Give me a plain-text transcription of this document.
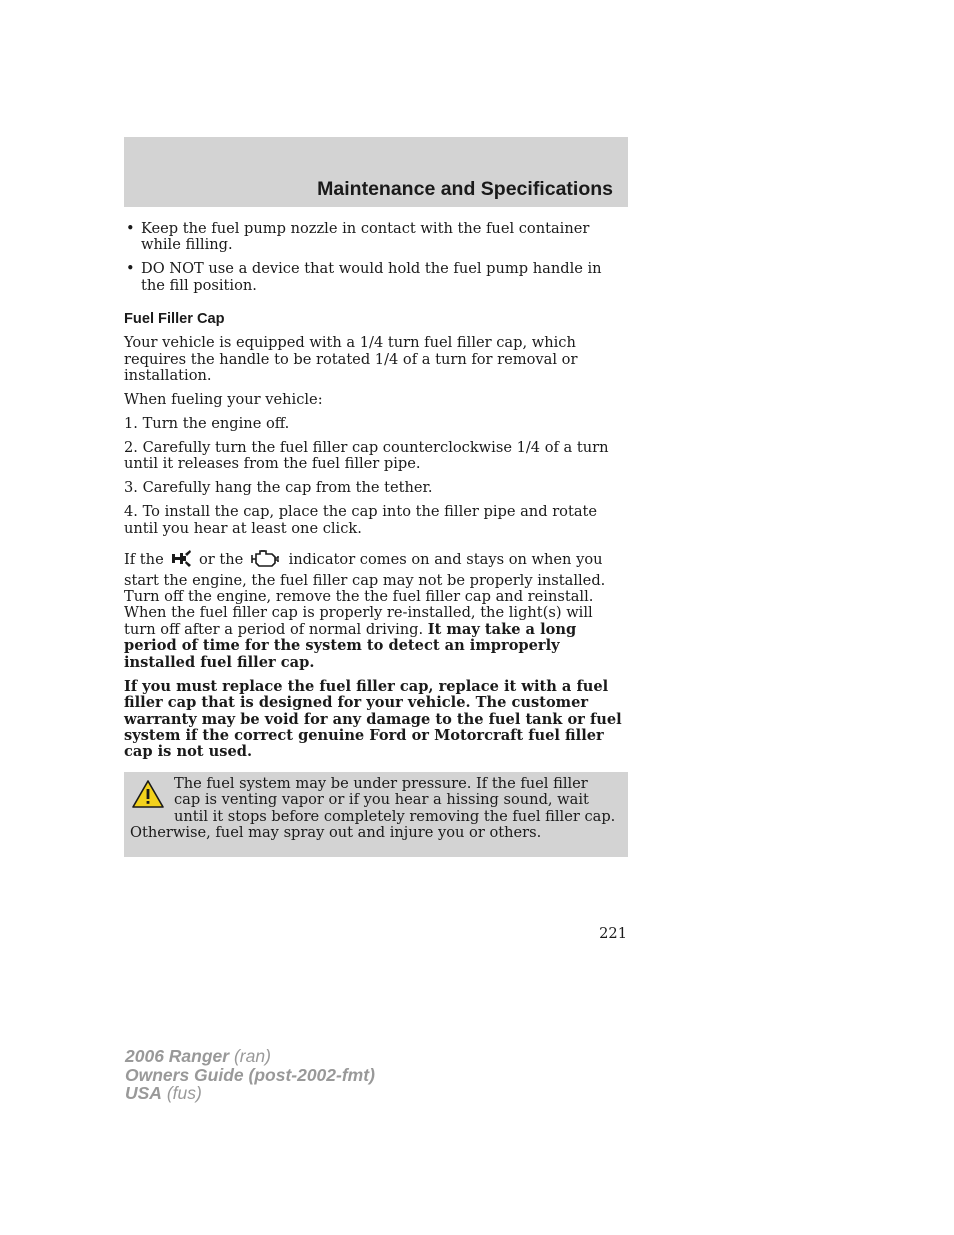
Maintenance and Specifications
• Keep the fuel pump nozzle in contact with the fuel container while filling.
• DO NOT use a device that would hold the fuel pump handle in the fill position.
Fuel Filler Cap

Your vehicle is equipped with a 1/4 turn fuel filler cap, which requires the handle to be rotated 1/4 of a turn for removal or installation.

When fueling your vehicle:

1. Turn the engine off.

2. Carefully turn the fuel filler cap counterclockwise 1/4 of a turn until it releases from the fuel filler pipe.

3. Carefully hang the cap from the tether.

4. To install the cap, place the cap into the filler pipe and rotate until you hear at least one click.

If the or the	indicator comes on and stays on when you start the engine, the fuel filler cap may not be properly installed. Turn off the engine, remove the the fuel filler cap and reinstall. When the fuel filler cap is properly re-installed, the light(s) will turn off after a period of normal driving. It may take a long period of time for the system to detect an improperly installed fuel filler cap.

If you must replace the fuel filler cap, replace it with a fuel filler cap that is designed for your vehicle. The customer warranty may be void for any damage to the fuel tank or fuel system if the correct genuine Ford or Motorcraft fuel filler cap is not used.

The fuel system may be under pressure. If the fuel filler cap is venting vapor or if you hear a hissing sound, wait until it stops before completely removing the fuel filler cap. Otherwise, fuel may spray out and injure you or others.

221

2006 Ranger (ran)
Owners Guide (post-2002-fmt)
USA (fus)
